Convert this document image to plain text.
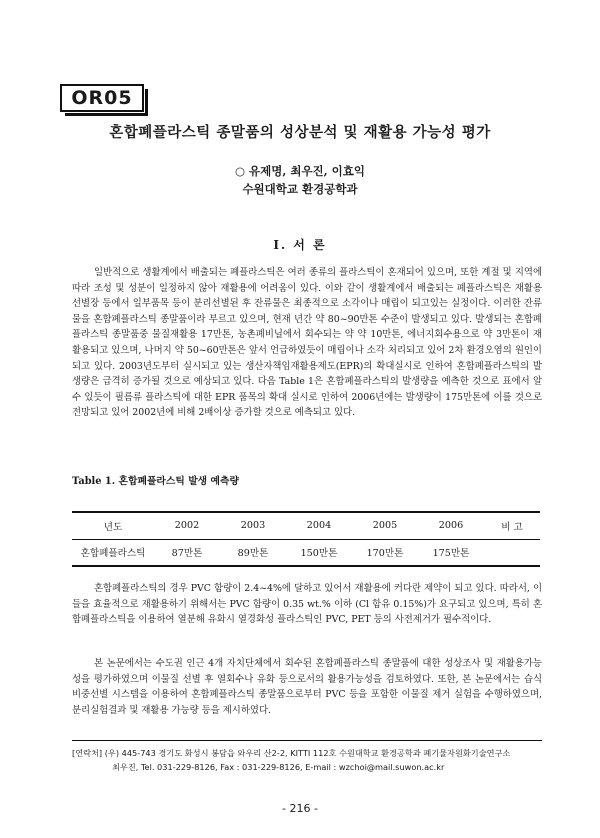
OR05
혼합폐플라스틱 종말품의 성상분석 및 재활용 가능성 평가
○ 유제명, 최우진, 이효익
수원대학교 환경공학과
I. 서 론

일반적으로 생활계에서 배출되는 폐플라스틱은 여러 종류의 플라스틱이 혼재되어 있으며, 또한 계절 및 지역에 따라 조성 및 성분이 일정하지 않아 재활용에 어려움이 있다. 이와 같이 생활계에서 배출되는 폐플라스틱은 재활용 선별장 등에서 일부품목 등이 분리선별된 후 잔류물은 최종적으로 소각이나 매립이 되고있는 실정이다. 이러한 잔류물을 혼합폐플라스틱 종말품이라 부르고 있으며, 현재 년간 약 80~90만톤 수준이 발생되고 있다. 발생되는 혼합폐플라스틱 종말품중 물질재활용 17만톤, 농촌폐비닐에서 회수되는 약 약 10만톤, 에너지회수용으로 약 3만톤이 재활용되고 있으며, 나머지 약 50~60만톤은 앞서 언급하였듯이 매립이나 소각 처리되고 있어 2차 환경오염의 원인이 되고 있다. 2003년도부터 실시되고 있는 생산자책임재활용제도(EPR)의 확대실시로 인하여 혼합폐플라스틱의 발생량은 급격히 증가될 것으로 예상되고 있다. 다음 Table 1은 혼합폐플라스틱의 발생량을 예측한 것으로 표에서 알 수 있듯이 필름류 플라스틱에 대한 EPR 품목의 확대 실시로 인하여 2006년에는 발생량이 175만톤에 이를 것으로 전망되고 있어 2002년에 비해 2배이상 증가할 것으로 예측되고 있다.

Table 1. 혼합폐플라스틱 발생 예측량
년도	2002	2003	2004	2005	2006	비 고
혼합폐플라스틱	87만톤	89만톤	150만톤	170만톤	175만톤	

혼합폐플라스틱의 경우 PVC 함량이 2.4~4%에 달하고 있어서 재활용에 커다란 제약이 되고 있다. 따라서, 이들을 효율적으로 재활용하기 위해서는 PVC 함량이 0.35 wt.% 이하 (Cl 함유 0.15%)가 요구되고 있으며, 특히 혼합폐플라스틱을 이용하여 열분해 유화시 열경화성 플라스틱인 PVC, PET 등의 사전제거가 필수적이다.

본 논문에서는 수도권 인근 4개 자치단체에서 회수된 혼합폐플라스틱 종말품에 대한 성상조사 및 재활용가능성을 평가하였으며 이물질 선별 후 열회수나 유화 등으로서의 활용가능성을 검토하였다. 또한, 본 논문에서는 습식비중선별 시스템을 이용하여 혼합폐플라스틱 종말품으로부터 PVC 등을 포함한 이물질 제거 실험을 수행하였으며, 분리실험결과 및 재활용 가능량 등을 제시하였다.

[연락처] (우) 445-743 경기도 화성시 봉담읍 와우리 산2-2, KITTI 112호 수원대학교 환경공학과 폐기물자원화기술연구소
최우진, Tel. 031-229-8126, Fax : 031-229-8126, E-mail : wzchoi@mail.suwon.ac.kr
- 216 -
